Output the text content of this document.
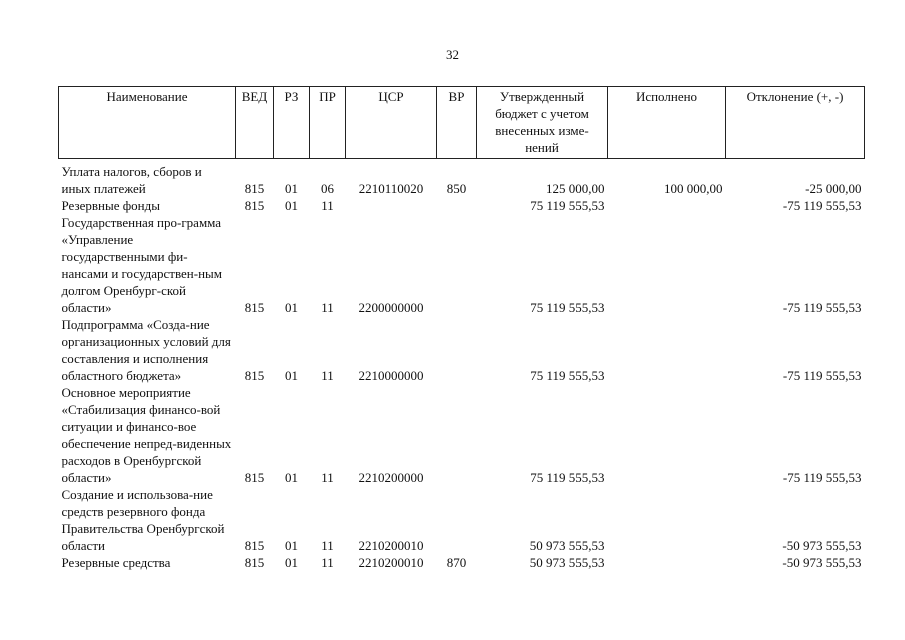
32
Наименование	ВЕД	РЗ	ПР	ЦСР	ВР	Утвержденный бюджет с учетом внесенных изме-нений	Исполнено	Отклонение (+, -)
Уплата налогов, сборов и иных платежей	815	01	06	2210110020	850	125 000,00	100 000,00	-25 000,00
Резервные фонды	815	01	11			75 119 555,53		-75 119 555,53
Государственная про-грамма «Управление государственными фи-нансами и государствен-ным долгом Оренбург-ской области»	815	01	11	2200000000		75 119 555,53		-75 119 555,53
Подпрограмма «Созда-ние организационных условий для составления и исполнения областного бюджета»	815	01	11	2210000000		75 119 555,53		-75 119 555,53
Основное мероприятие «Стабилизация финансо-вой ситуации и финансо-вое обеспечение непред-виденных расходов в Оренбургской области»	815	01	11	2210200000		75 119 555,53		-75 119 555,53
Создание и использова-ние средств резервного фонда Правительства Оренбургской области	815	01	11	2210200010		50 973 555,53		-50 973 555,53
Резервные средства	815	01	11	2210200010	870	50 973 555,53		-50 973 555,53
